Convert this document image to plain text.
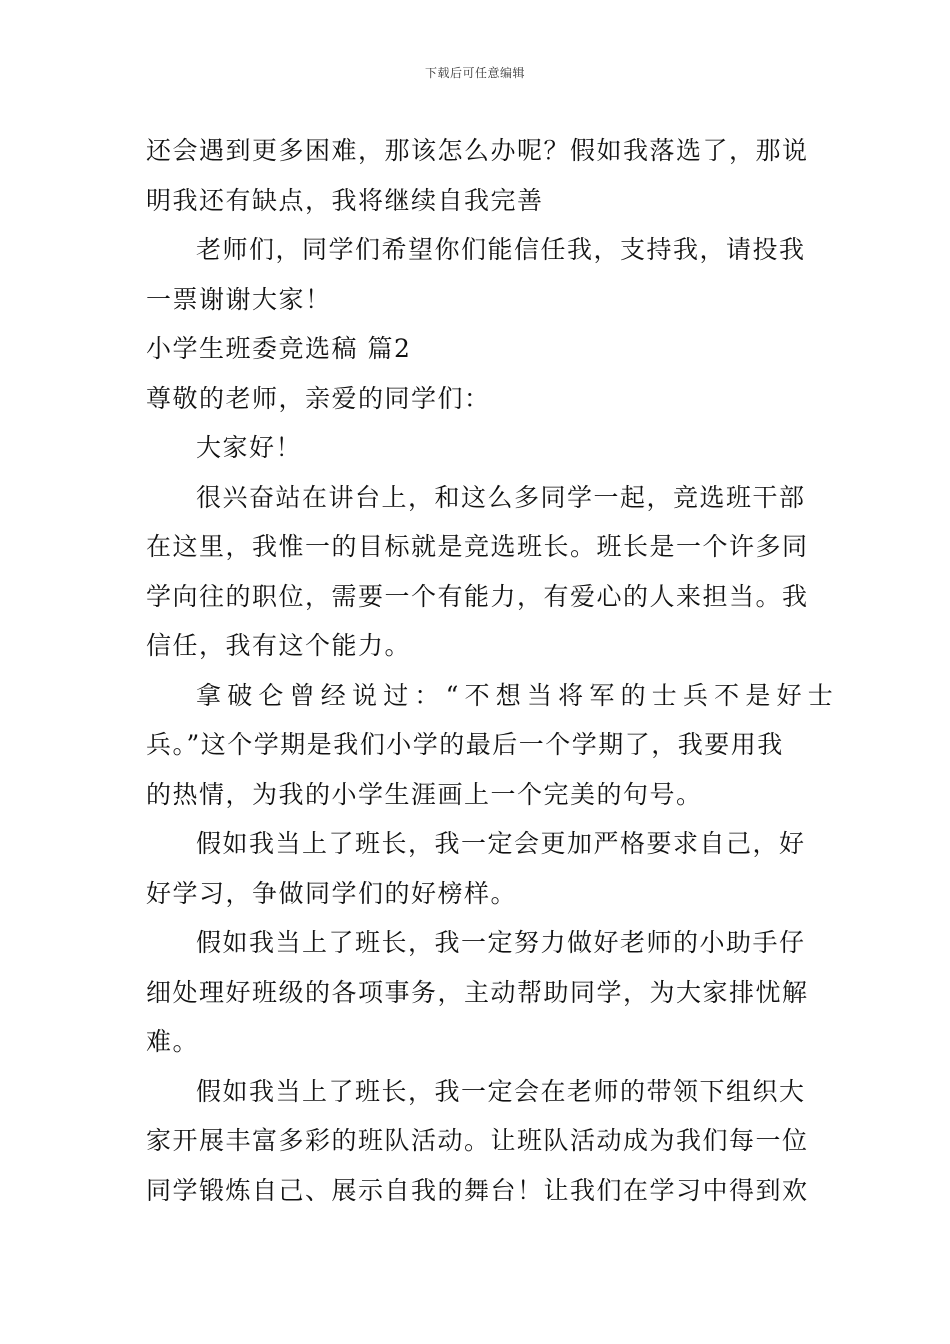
下载后可任意编辑
还会遇到更多困难，那该怎么办呢？假如我落选了，那说
明我还有缺点，我将继续自我完善
老师们，同学们希望你们能信任我，支持我，请投我
一票谢谢大家！
小学生班委竞选稿 篇2
尊敬的老师，亲爱的同学们：
大家好！
很兴奋站在讲台上，和这么多同学一起，竞选班干部
在这里，我惟一的目标就是竞选班长。班长是一个许多同
学向往的职位，需要一个有能力，有爱心的人来担当。我
信任，我有这个能力。
拿破仑曾经说过：“不想当将军的士兵不是好士
兵。”这个学期是我们小学的最后一个学期了，我要用我
的热情，为我的小学生涯画上一个完美的句号。
假如我当上了班长，我一定会更加严格要求自己，好
好学习，争做同学们的好榜样。
假如我当上了班长，我一定努力做好老师的小助手仔
细处理好班级的各项事务，主动帮助同学，为大家排忧解
难。
假如我当上了班长，我一定会在老师的带领下组织大
家开展丰富多彩的班队活动。让班队活动成为我们每一位
同学锻炼自己、展示自我的舞台！让我们在学习中得到欢
